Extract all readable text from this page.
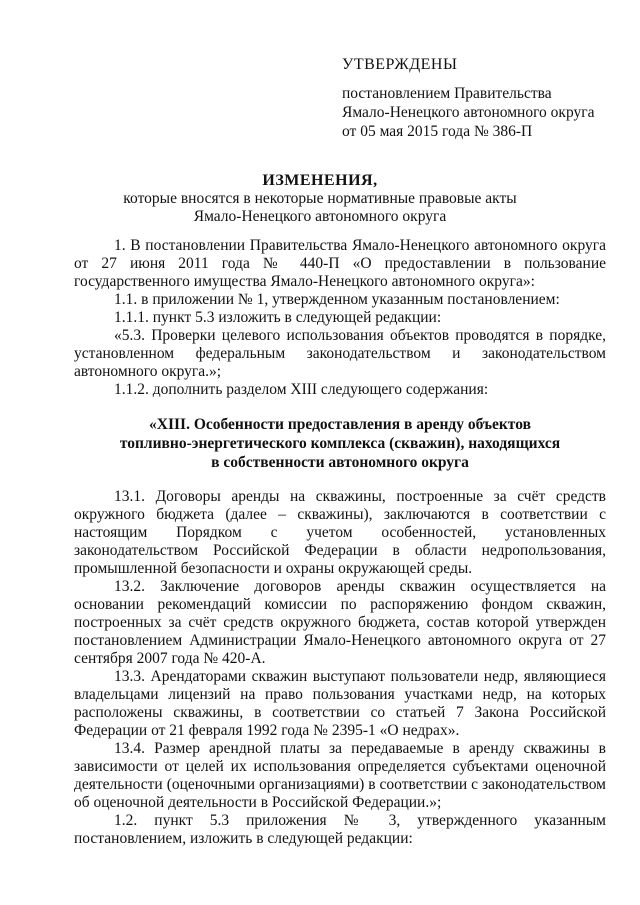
УТВЕРЖДЕНЫ
постановлением Правительства
Ямало-Ненецкого автономного округа
от 05 мая 2015 года № 386-П
ИЗМЕНЕНИЯ,
которые вносятся в некоторые нормативные правовые акты
Ямало-Ненецкого автономного округа

1. В постановлении Правительства Ямало-Ненецкого автономного округа от 27 июня 2011 года № 440-П «О предоставлении в пользование государственного имущества Ямало-Ненецкого автономного округа»:

1.1. в приложении № 1, утвержденном указанным постановлением:

1.1.1. пункт 5.3 изложить в следующей редакции:

«5.3. Проверки целевого использования объектов проводятся в порядке, установленном федеральным законодательством и законодательством автономного округа.»;

1.1.2. дополнить разделом XIII следующего содержания:

«XIII. Особенности предоставления в аренду объектов
топливно-энергетического комплекса (скважин), находящихся
в собственности автономного округа

13.1. Договоры аренды на скважины, построенные за счёт средств окружного бюджета (далее – скважины), заключаются в соответствии с настоящим Порядком с учетом особенностей, установленных законодательством Российской Федерации в области недропользования, промышленной безопасности и охраны окружающей среды.

13.2. Заключение договоров аренды скважин осуществляется на основании рекомендаций комиссии по распоряжению фондом скважин, построенных за счёт средств окружного бюджета, состав которой утвержден постановлением Администрации Ямало-Ненецкого автономного округа от 27 сентября 2007 года № 420-А.

13.3. Арендаторами скважин выступают пользователи недр, являющиеся владельцами лицензий на право пользования участками недр, на которых расположены скважины, в соответствии со статьей 7 Закона Российской Федерации от 21 февраля 1992 года № 2395-1 «О недрах».

13.4. Размер арендной платы за передаваемые в аренду скважины в зависимости от целей их использования определяется субъектами оценочной деятельности (оценочными организациями) в соответствии с законодательством об оценочной деятельности в Российской Федерации.»;

1.2. пункт 5.3 приложения № 3, утвержденного указанным постановлением, изложить в следующей редакции:
